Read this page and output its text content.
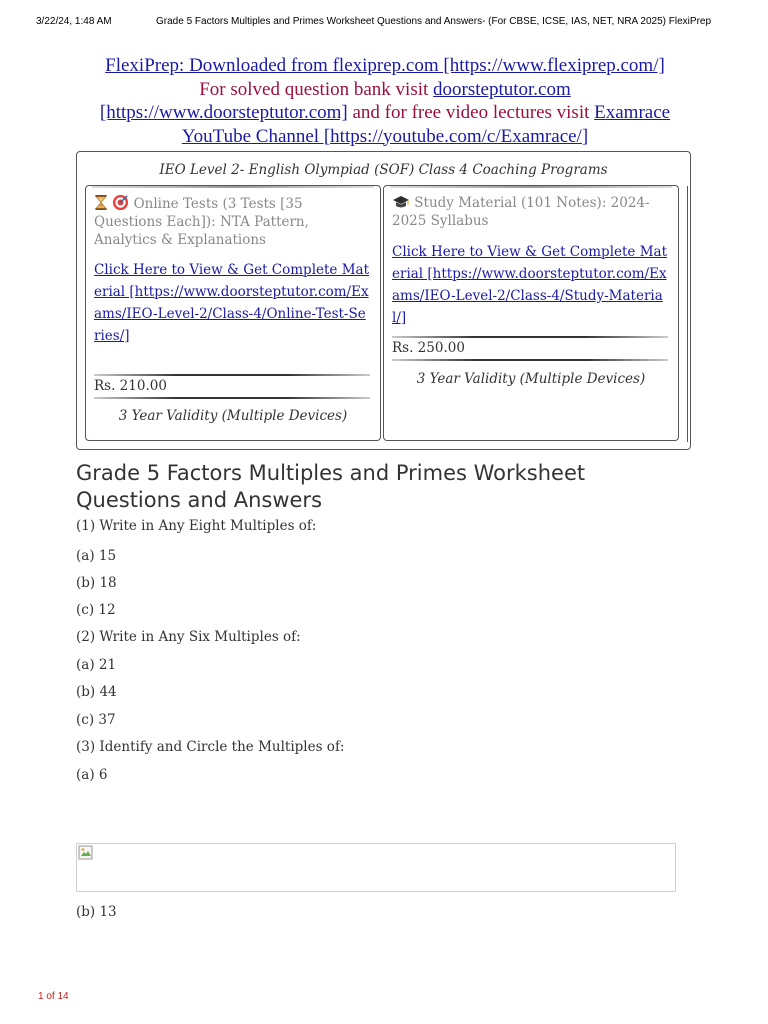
3/22/24, 1:48 AM	Grade 5 Factors Multiples and Primes Worksheet Questions and Answers- (For CBSE, ICSE, IAS, NET, NRA 2025) FlexiPrep
FlexiPrep: Downloaded from flexiprep.com [https://www.flexiprep.com/]
For solved question bank visit doorsteptutor.com
[https://www.doorsteptutor.com] and for free video lectures visit Examrace
YouTube Channel [https://youtube.com/c/Examrace/]
IEO Level 2- English Olympiad (SOF) Class 4 Coaching Programs
Online Tests (3 Tests [35 Questions Each]): NTA Pattern, Analytics & Explanations
Click Here to View & Get Complete Material [https://www.doorsteptutor.com/Exams/IEO-Level-2/Class-4/Online-Test-Series/]
Rs. 210.00
3 Year Validity (Multiple Devices)
Study Material (101 Notes): 2024-2025 Syllabus
Click Here to View & Get Complete Material [https://www.doorsteptutor.com/Exams/IEO-Level-2/Class-4/Study-Material/]
Rs. 250.00
3 Year Validity (Multiple Devices)
Grade 5 Factors Multiples and Primes Worksheet Questions and Answers
(1) Write in Any Eight Multiples of:
(a) 15
(b) 18
(c) 12
(2) Write in Any Six Multiples of:
(a) 21
(b) 44
(c) 37
(3) Identify and Circle the Multiples of:
(a) 6
(b) 13
1 of 14
